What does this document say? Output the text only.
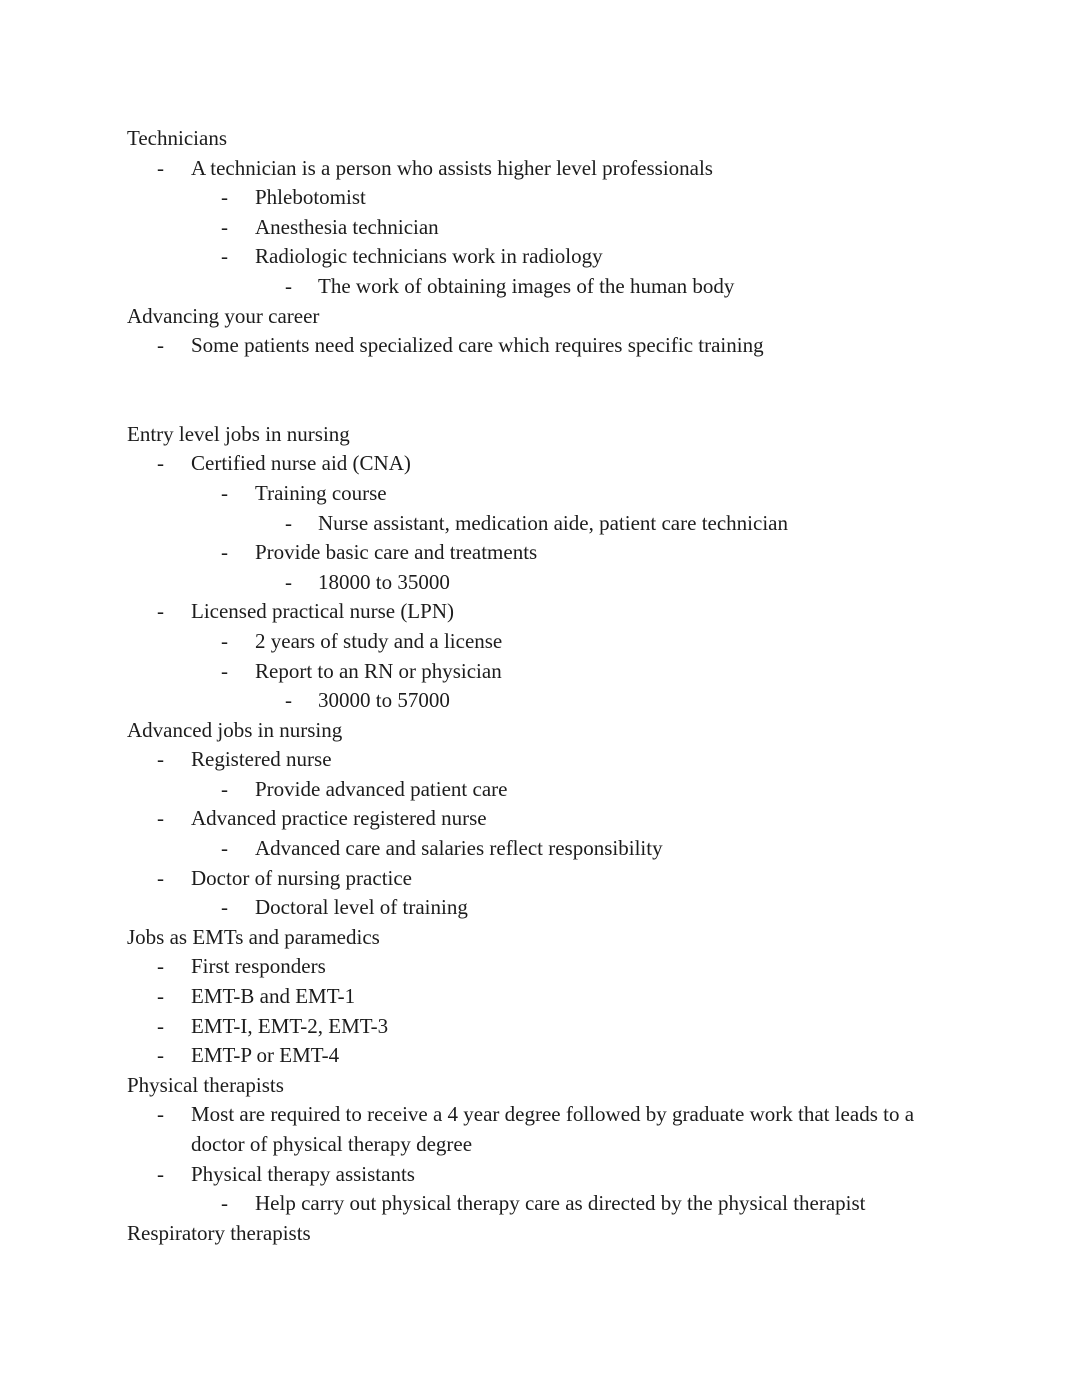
Technicians

- A technician is a person who assists higher level professionals
- Phlebotomist
- Anesthesia technician
- Radiologic technicians work in radiology
- The work of obtaining images of the human body

Advancing your career

- Some patients need specialized care which requires specific training

Entry level jobs in nursing

- Certified nurse aid (CNA)
- Training course
- Nurse assistant, medication aide, patient care technician
- Provide basic care and treatments
- 18000 to 35000
- Licensed practical nurse (LPN)
- 2 years of study and a license
- Report to an RN or physician
- 30000 to 57000

Advanced jobs in nursing

- Registered nurse
- Provide advanced patient care
- Advanced practice registered nurse
- Advanced care and salaries reflect responsibility
- Doctor of nursing practice
- Doctoral level of training

Jobs as EMTs and paramedics

- First responders
- EMT-B and EMT-1
- EMT-I, EMT-2, EMT-3
- EMT-P or EMT-4

Physical therapists

- Most are required to receive a 4 year degree followed by graduate work that leads to a doctor of physical therapy degree
- Physical therapy assistants
- Help carry out physical therapy care as directed by the physical therapist

Respiratory therapists
